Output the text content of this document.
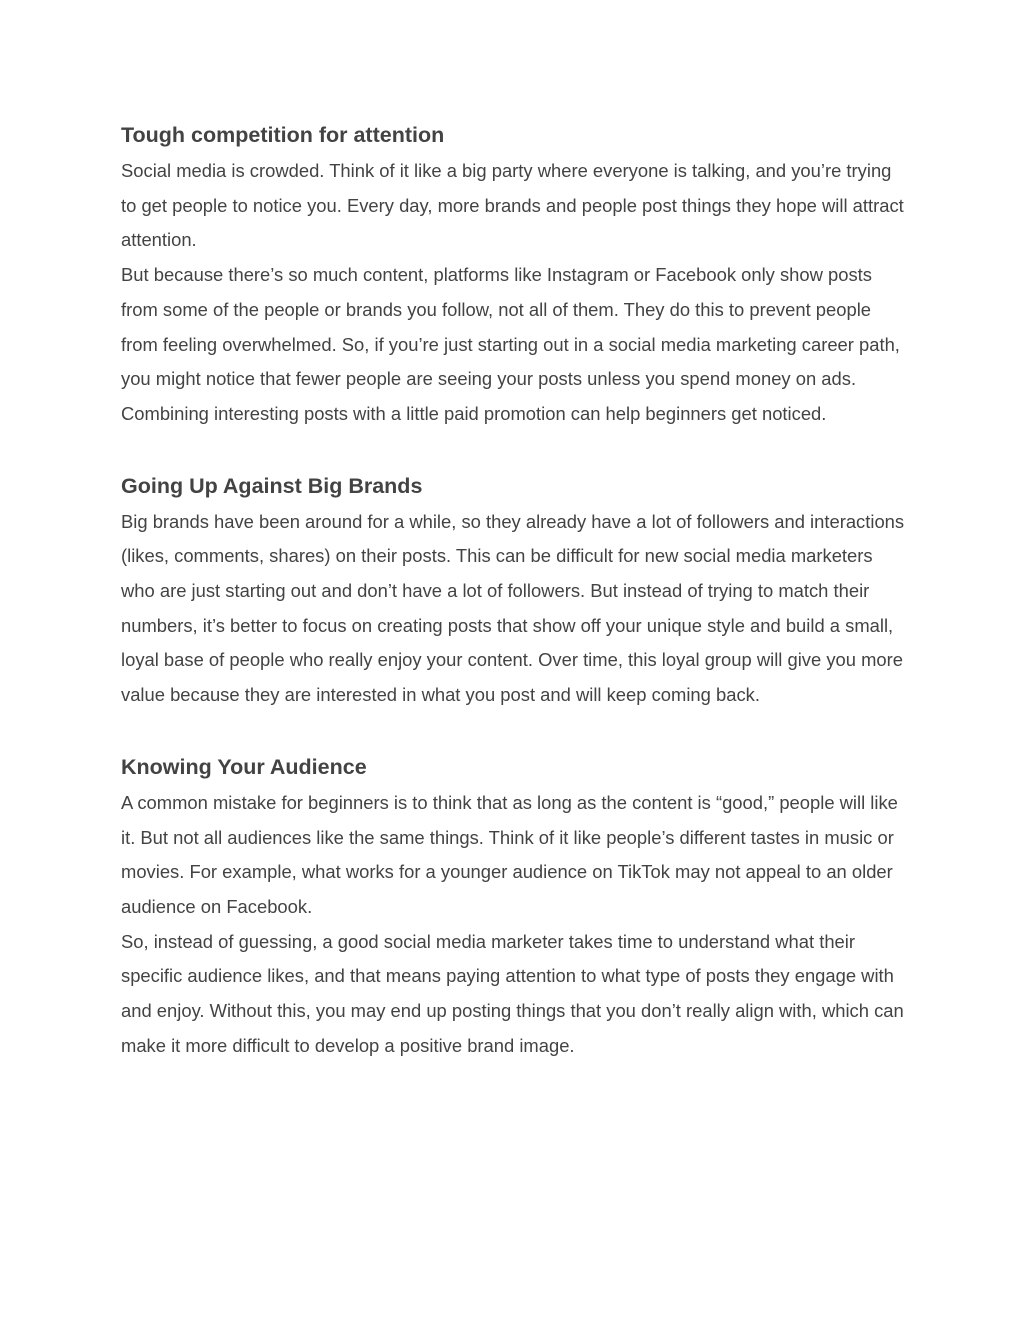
Tough competition for attention

Social media is crowded. Think of it like a big party where everyone is talking, and you’re trying to get people to notice you. Every day, more brands and people post things they hope will attract attention.

But because there’s so much content, platforms like Instagram or Facebook only show posts from some of the people or brands you follow, not all of them. They do this to prevent people from feeling overwhelmed. So, if you’re just starting out in a social media marketing career path, you might notice that fewer people are seeing your posts unless you spend money on ads. Combining interesting posts with a little paid promotion can help beginners get noticed.

Going Up Against Big Brands

Big brands have been around for a while, so they already have a lot of followers and interactions (likes, comments, shares) on their posts. This can be difficult for new social media marketers who are just starting out and don’t have a lot of followers. But instead of trying to match their numbers, it’s better to focus on creating posts that show off your unique style and build a small, loyal base of people who really enjoy your content. Over time, this loyal group will give you more value because they are interested in what you post and will keep coming back.

Knowing Your Audience

A common mistake for beginners is to think that as long as the content is “good,” people will like it. But not all audiences like the same things. Think of it like people’s different tastes in music or movies. For example, what works for a younger audience on TikTok may not appeal to an older audience on Facebook.

So, instead of guessing, a good social media marketer takes time to understand what their specific audience likes, and that means paying attention to what type of posts they engage with and enjoy. Without this, you may end up posting things that you don’t really align with, which can make it more difficult to develop a positive brand image.
